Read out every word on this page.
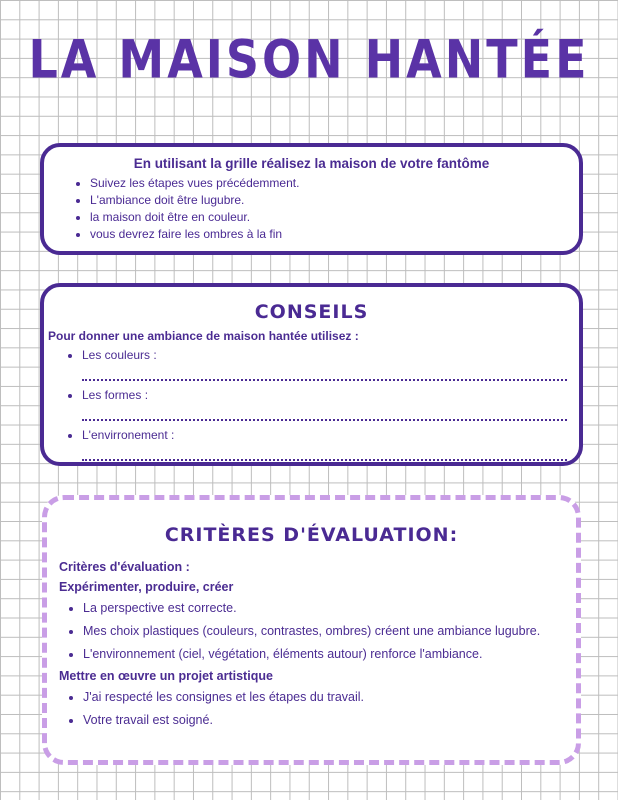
LA MAISON HANTÉE
En utilisant la grille réalisez la maison de votre fantôme
• Suivez les étapes vues précédemment.
• L'ambiance doit être lugubre.
• la maison doit être en couleur.
• vous devrez faire les ombres à la fin
CONSEILS
Pour donner une ambiance de maison hantée utilisez :
• Les couleurs :
• Les formes :
• L'envirronement :
CRITÈRES D'ÉVALUATION:
Critères d'évaluation :
Expérimenter, produire, créer
• La perspective est correcte.
• Mes choix plastiques (couleurs, contrastes, ombres) créent une ambiance lugubre.
• L'environnement (ciel, végétation, éléments autour) renforce l'ambiance.
Mettre en œuvre un projet artistique
• J'ai respecté les consignes et les étapes du travail.
• Votre travail est soigné.
